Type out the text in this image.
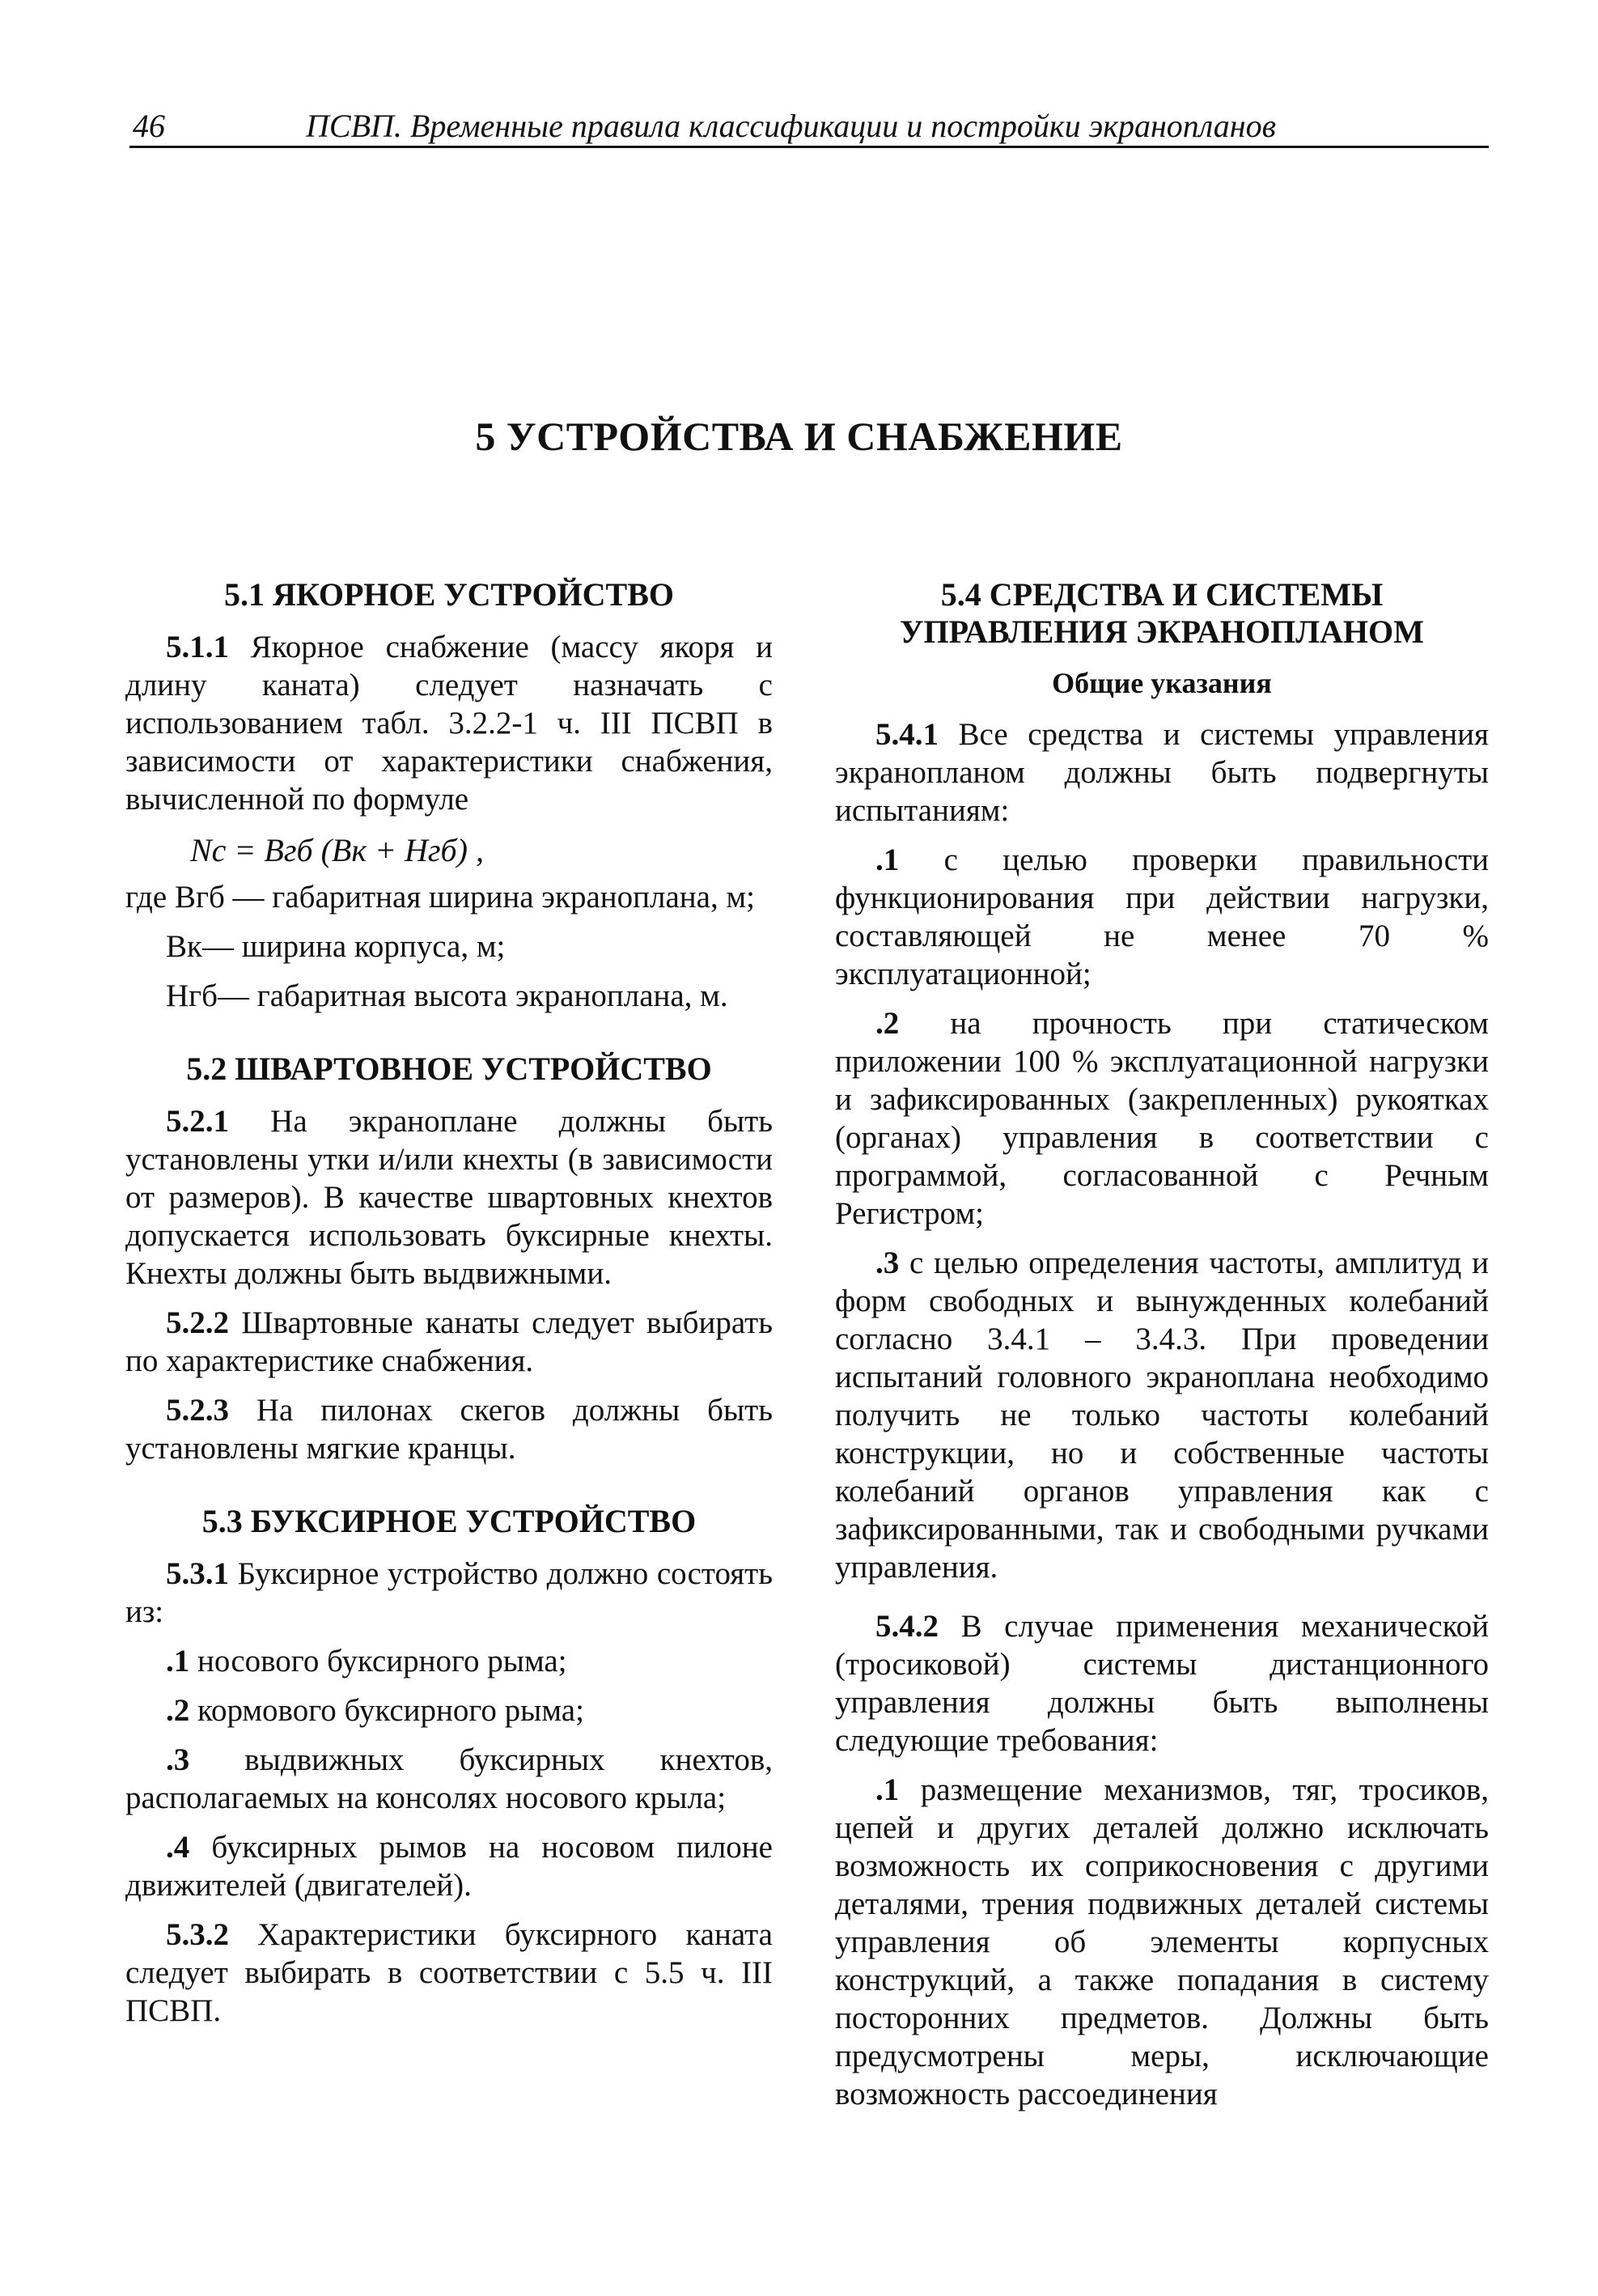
46	ПСВП. Временные правила классификации и постройки экранопланов
5 УСТРОЙСТВА И СНАБЖЕНИЕ
5.1 ЯКОРНОЕ УСТРОЙСТВО

5.1.1 Якорное снабжение (массу якоря и длину каната) следует назначать с использованием табл. 3.2.2-1 ч. III ПСВП в зависимости от характеристики снабжения, вычисленной по формуле

Nс = Bгб (Bк + Hгб) ,

где Bгб — габаритная ширина экраноплана, м;

Bк— ширина корпуса, м;

Hгб— габаритная высота экраноплана, м.

5.2 ШВАРТОВНОЕ УСТРОЙСТВО

5.2.1 На экраноплане должны быть установлены утки и/или кнехты (в зависимости от размеров). В качестве швартовных кнехтов допускается использовать буксирные кнехты. Кнехты должны быть выдвижными.

5.2.2 Швартовные канаты следует выбирать по характеристике снабжения.

5.2.3 На пилонах скегов должны быть установлены мягкие кранцы.

5.3 БУКСИРНОЕ УСТРОЙСТВО

5.3.1 Буксирное устройство должно состоять из:

.1 носового буксирного рыма;

.2 кормового буксирного рыма;

.3 выдвижных буксирных кнехтов, располагаемых на консолях носового крыла;

.4 буксирных рымов на носовом пилоне движителей (двигателей).

5.3.2 Характеристики буксирного каната следует выбирать в соответствии с 5.5 ч. III ПСВП.

5.4 СРЕДСТВА И СИСТЕМЫ УПРАВЛЕНИЯ ЭКРАНОПЛАНОМ
Общие указания

5.4.1 Все средства и системы управления экранопланом должны быть подвергнуты испытаниям:

.1 с целью проверки правильности функционирования при действии нагрузки, составляющей не менее 70 % эксплуатационной;

.2 на прочность при статическом приложении 100 % эксплуатационной нагрузки и зафиксированных (закрепленных) рукоятках (органах) управления в соответствии с программой, согласованной с Речным Регистром;

.3 с целью определения частоты, амплитуд и форм свободных и вынужденных колебаний согласно 3.4.1 – 3.4.3. При проведении испытаний головного экраноплана необходимо получить не только частоты колебаний конструкции, но и собственные частоты колебаний органов управления как с зафиксированными, так и свободными ручками управления.

5.4.2 В случае применения механической (тросиковой) системы дистанционного управления должны быть выполнены следующие требования:

.1 размещение механизмов, тяг, тросиков, цепей и других деталей должно исключать возможность их соприкосновения с другими деталями, трения подвижных деталей системы управления об элементы корпусных конструкций, а также попадания в систему посторонних предметов. Должны быть предусмотрены меры, исключающие возможность рассоединения
